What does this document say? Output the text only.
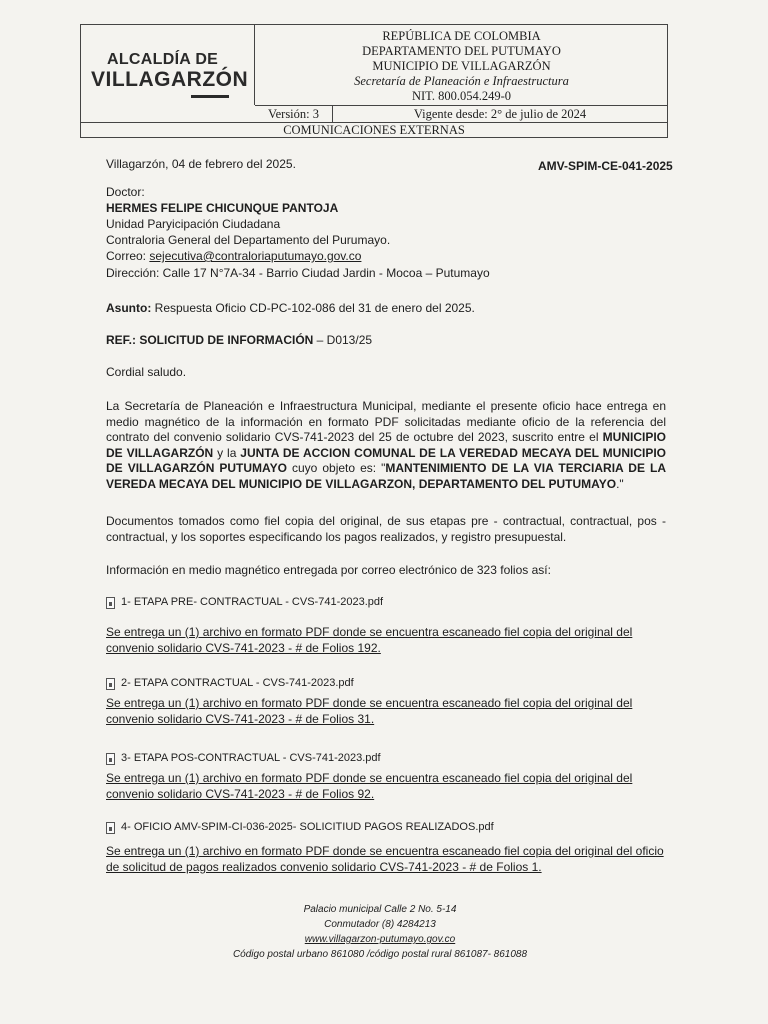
ALCALDÍA DE
VILLAGARZÓN
REPÚBLICA DE COLOMBIA
DEPARTAMENTO DEL PUTUMAYO
MUNICIPIO DE VILLAGARZÓN
Secretaría de Planeación e Infraestructura
NIT. 800.054.249-0
Versión: 3	Vigente desde: 2° de julio de 2024
COMUNICACIONES EXTERNAS
Villagarzón, 04 de febrero del 2025.	AMV-SPIM-CE-041-2025
Doctor:
HERMES FELIPE CHICUNQUE PANTOJA
Unidad Paryicipación Ciudadana
Contraloria General del Departamento del Purumayo.
Correo: sejecutiva@contraloriaputumayo.gov.co
Dirección: Calle 17 N°7A-34 - Barrio Ciudad Jardin - Mocoa – Putumayo
Asunto: Respuesta Oficio CD-PC-102-086 del 31 de enero del 2025.
REF.: SOLICITUD DE INFORMACIÓN – D013/25
Cordial saludo.
La Secretaría de Planeación e Infraestructura Municipal, mediante el presente oficio hace entrega en medio magnético de la información en formato PDF solicitadas mediante oficio de la referencia del contrato del convenio solidario CVS-741-2023 del 25 de octubre del 2023, suscrito entre el MUNICIPIO DE VILLAGARZÓN y la JUNTA DE ACCION COMUNAL DE LA VEREDAD MECAYA DEL MUNICIPIO DE VILLAGARZÓN PUTUMAYO cuyo objeto es: "MANTENIMIENTO DE LA VIA TERCIARIA DE LA VEREDA MECAYA DEL MUNICIPIO DE VILLAGARZON, DEPARTAMENTO DEL PUTUMAYO."
Documentos tomados como fiel copia del original, de sus etapas pre - contractual, contractual, pos - contractual, y los soportes especificando los pagos realizados, y registro presupuestal.
Información en medio magnético entregada por correo electrónico de 323 folios así:
1- ETAPA PRE- CONTRACTUAL - CVS-741-2023.pdf
Se entrega un (1) archivo en formato PDF donde se encuentra escaneado fiel copia del original del convenio solidario CVS-741-2023 - # de Folios 192.
2- ETAPA CONTRACTUAL - CVS-741-2023.pdf
Se entrega un (1) archivo en formato PDF donde se encuentra escaneado fiel copia del original del convenio solidario CVS-741-2023 - # de Folios 31.
3- ETAPA POS-CONTRACTUAL - CVS-741-2023.pdf
Se entrega un (1) archivo en formato PDF donde se encuentra escaneado fiel copia del original del convenio solidario CVS-741-2023 - # de Folios 92.
4- OFICIO AMV-SPIM-CI-036-2025- SOLICITIUD PAGOS REALIZADOS.pdf
Se entrega un (1) archivo en formato PDF donde se encuentra escaneado fiel copia del original del oficio de solicitud de pagos realizados convenio solidario CVS-741-2023 - # de Folios 1.
Palacio municipal Calle 2 No. 5-14
Conmutador (8) 4284213
www.villagarzon-putumayo.gov.co
Código postal urbano 861080 /código postal rural 861087- 861088
